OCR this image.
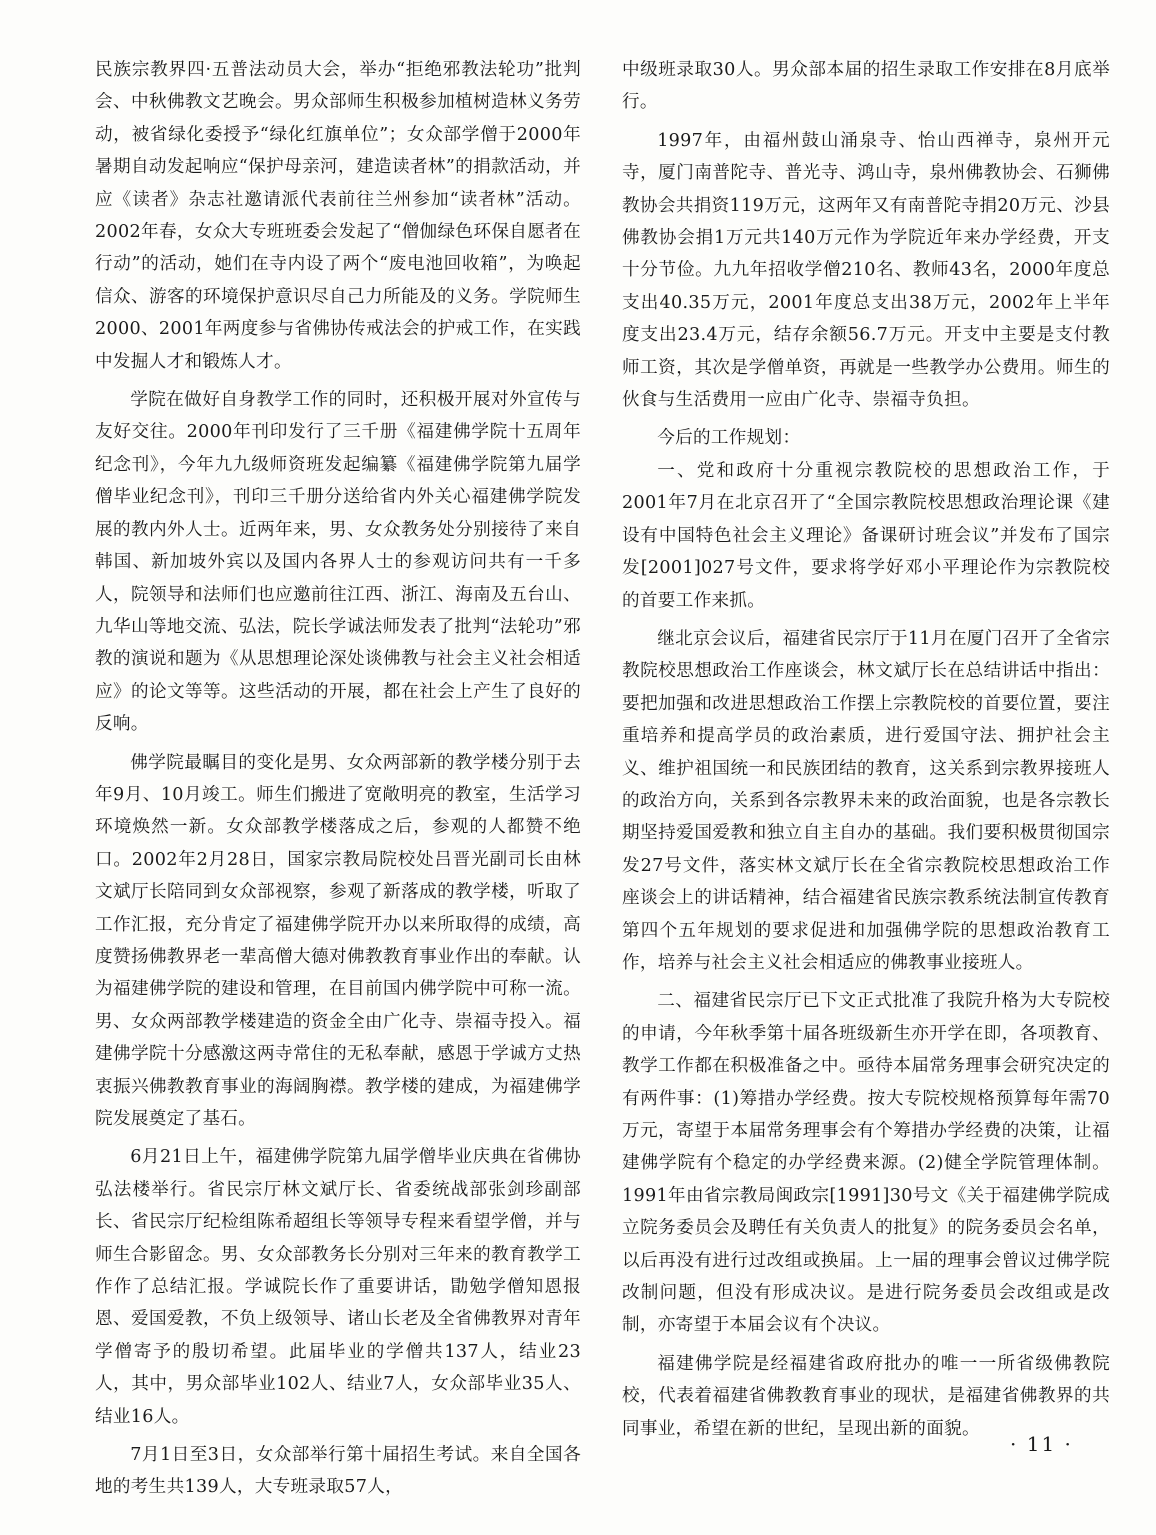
民族宗教界四·五普法动员大会，举办“拒绝邪教法轮功”批判会、中秋佛教文艺晚会。男众部师生积极参加植树造林义务劳动，被省绿化委授予“绿化红旗单位”；女众部学僧于2000年暑期自动发起响应“保护母亲河，建造读者林”的捐款活动，并应《读者》杂志社邀请派代表前往兰州参加“读者林”活动。2002年春，女众大专班班委会发起了“僧伽绿色环保自愿者在行动”的活动，她们在寺内设了两个“废电池回收箱”，为唤起信众、游客的环境保护意识尽自己力所能及的义务。学院师生2000、2001年两度参与省佛协传戒法会的护戒工作，在实践中发掘人才和锻炼人才。

学院在做好自身教学工作的同时，还积极开展对外宣传与友好交往。2000年刊印发行了三千册《福建佛学院十五周年纪念刊》，今年九九级师资班发起编纂《福建佛学院第九届学僧毕业纪念刊》，刊印三千册分送给省内外关心福建佛学院发展的教内外人士。近两年来，男、女众教务处分别接待了来自韩国、新加坡外宾以及国内各界人士的参观访问共有一千多人，院领导和法师们也应邀前往江西、浙江、海南及五台山、九华山等地交流、弘法，院长学诚法师发表了批判“法轮功”邪教的演说和题为《从思想理论深处谈佛教与社会主义社会相适应》的论文等等。这些活动的开展，都在社会上产生了良好的反响。

佛学院最瞩目的变化是男、女众两部新的教学楼分别于去年9月、10月竣工。师生们搬进了宽敞明亮的教室，生活学习环境焕然一新。女众部教学楼落成之后，参观的人都赞不绝口。2002年2月28日，国家宗教局院校处吕晋光副司长由林文斌厅长陪同到女众部视察，参观了新落成的教学楼，听取了工作汇报，充分肯定了福建佛学院开办以来所取得的成绩，高度赞扬佛教界老一辈高僧大德对佛教教育事业作出的奉献。认为福建佛学院的建设和管理，在目前国内佛学院中可称一流。男、女众两部教学楼建造的资金全由广化寺、崇福寺投入。福建佛学院十分感激这两寺常住的无私奉献，感恩于学诚方丈热衷振兴佛教教育事业的海阔胸襟。教学楼的建成，为福建佛学院发展奠定了基石。

6月21日上午，福建佛学院第九届学僧毕业庆典在省佛协弘法楼举行。省民宗厅林文斌厅长、省委统战部张剑珍副部长、省民宗厅纪检组陈希超组长等领导专程来看望学僧，并与师生合影留念。男、女众部教务长分别对三年来的教育教学工作作了总结汇报。学诚院长作了重要讲话，勖勉学僧知恩报恩、爱国爱教，不负上级领导、诸山长老及全省佛教界对青年学僧寄予的殷切希望。此届毕业的学僧共137人，结业23人，其中，男众部毕业102人、结业7人，女众部毕业35人、结业16人。

7月1日至3日，女众部举行第十届招生考试。来自全国各地的考生共139人，大专班录取57人，

中级班录取30人。男众部本届的招生录取工作安排在8月底举行。

1997年，由福州鼓山涌泉寺、怡山西禅寺，泉州开元寺，厦门南普陀寺、普光寺、鸿山寺，泉州佛教协会、石狮佛教协会共捐资119万元，这两年又有南普陀寺捐20万元、沙县佛教协会捐1万元共140万元作为学院近年来办学经费，开支十分节俭。九九年招收学僧210名、教师43名，2000年度总支出40.35万元，2001年度总支出38万元，2002年上半年度支出23.4万元，结存余额56.7万元。开支中主要是支付教师工资，其次是学僧单资，再就是一些教学办公费用。师生的伙食与生活费用一应由广化寺、崇福寺负担。

今后的工作规划：

一、党和政府十分重视宗教院校的思想政治工作，于2001年7月在北京召开了“全国宗教院校思想政治理论课《建设有中国特色社会主义理论》备课研讨班会议”并发布了国宗发[2001]027号文件，要求将学好邓小平理论作为宗教院校的首要工作来抓。

继北京会议后，福建省民宗厅于11月在厦门召开了全省宗教院校思想政治工作座谈会，林文斌厅长在总结讲话中指出：要把加强和改进思想政治工作摆上宗教院校的首要位置，要注重培养和提高学员的政治素质，进行爱国守法、拥护社会主义、维护祖国统一和民族团结的教育，这关系到宗教界接班人的政治方向，关系到各宗教界未来的政治面貌，也是各宗教长期坚持爱国爱教和独立自主自办的基础。我们要积极贯彻国宗发27号文件，落实林文斌厅长在全省宗教院校思想政治工作座谈会上的讲话精神，结合福建省民族宗教系统法制宣传教育第四个五年规划的要求促进和加强佛学院的思想政治教育工作，培养与社会主义社会相适应的佛教事业接班人。

二、福建省民宗厅已下文正式批准了我院升格为大专院校的申请，今年秋季第十届各班级新生亦开学在即，各项教育、教学工作都在积极准备之中。亟待本届常务理事会研究决定的有两件事：(1)筹措办学经费。按大专院校规格预算每年需70万元，寄望于本届常务理事会有个筹措办学经费的决策，让福建佛学院有个稳定的办学经费来源。(2)健全学院管理体制。1991年由省宗教局闽政宗[1991]30号文《关于福建佛学院成立院务委员会及聘任有关负责人的批复》的院务委员会名单，以后再没有进行过改组或换届。上一届的理事会曾议过佛学院改制问题，但没有形成决议。是进行院务委员会改组或是改制，亦寄望于本届会议有个决议。

福建佛学院是经福建省政府批办的唯一一所省级佛教院校，代表着福建省佛教教育事业的现状，是福建省佛教界的共同事业，希望在新的世纪，呈现出新的面貌。

· 11 ·
